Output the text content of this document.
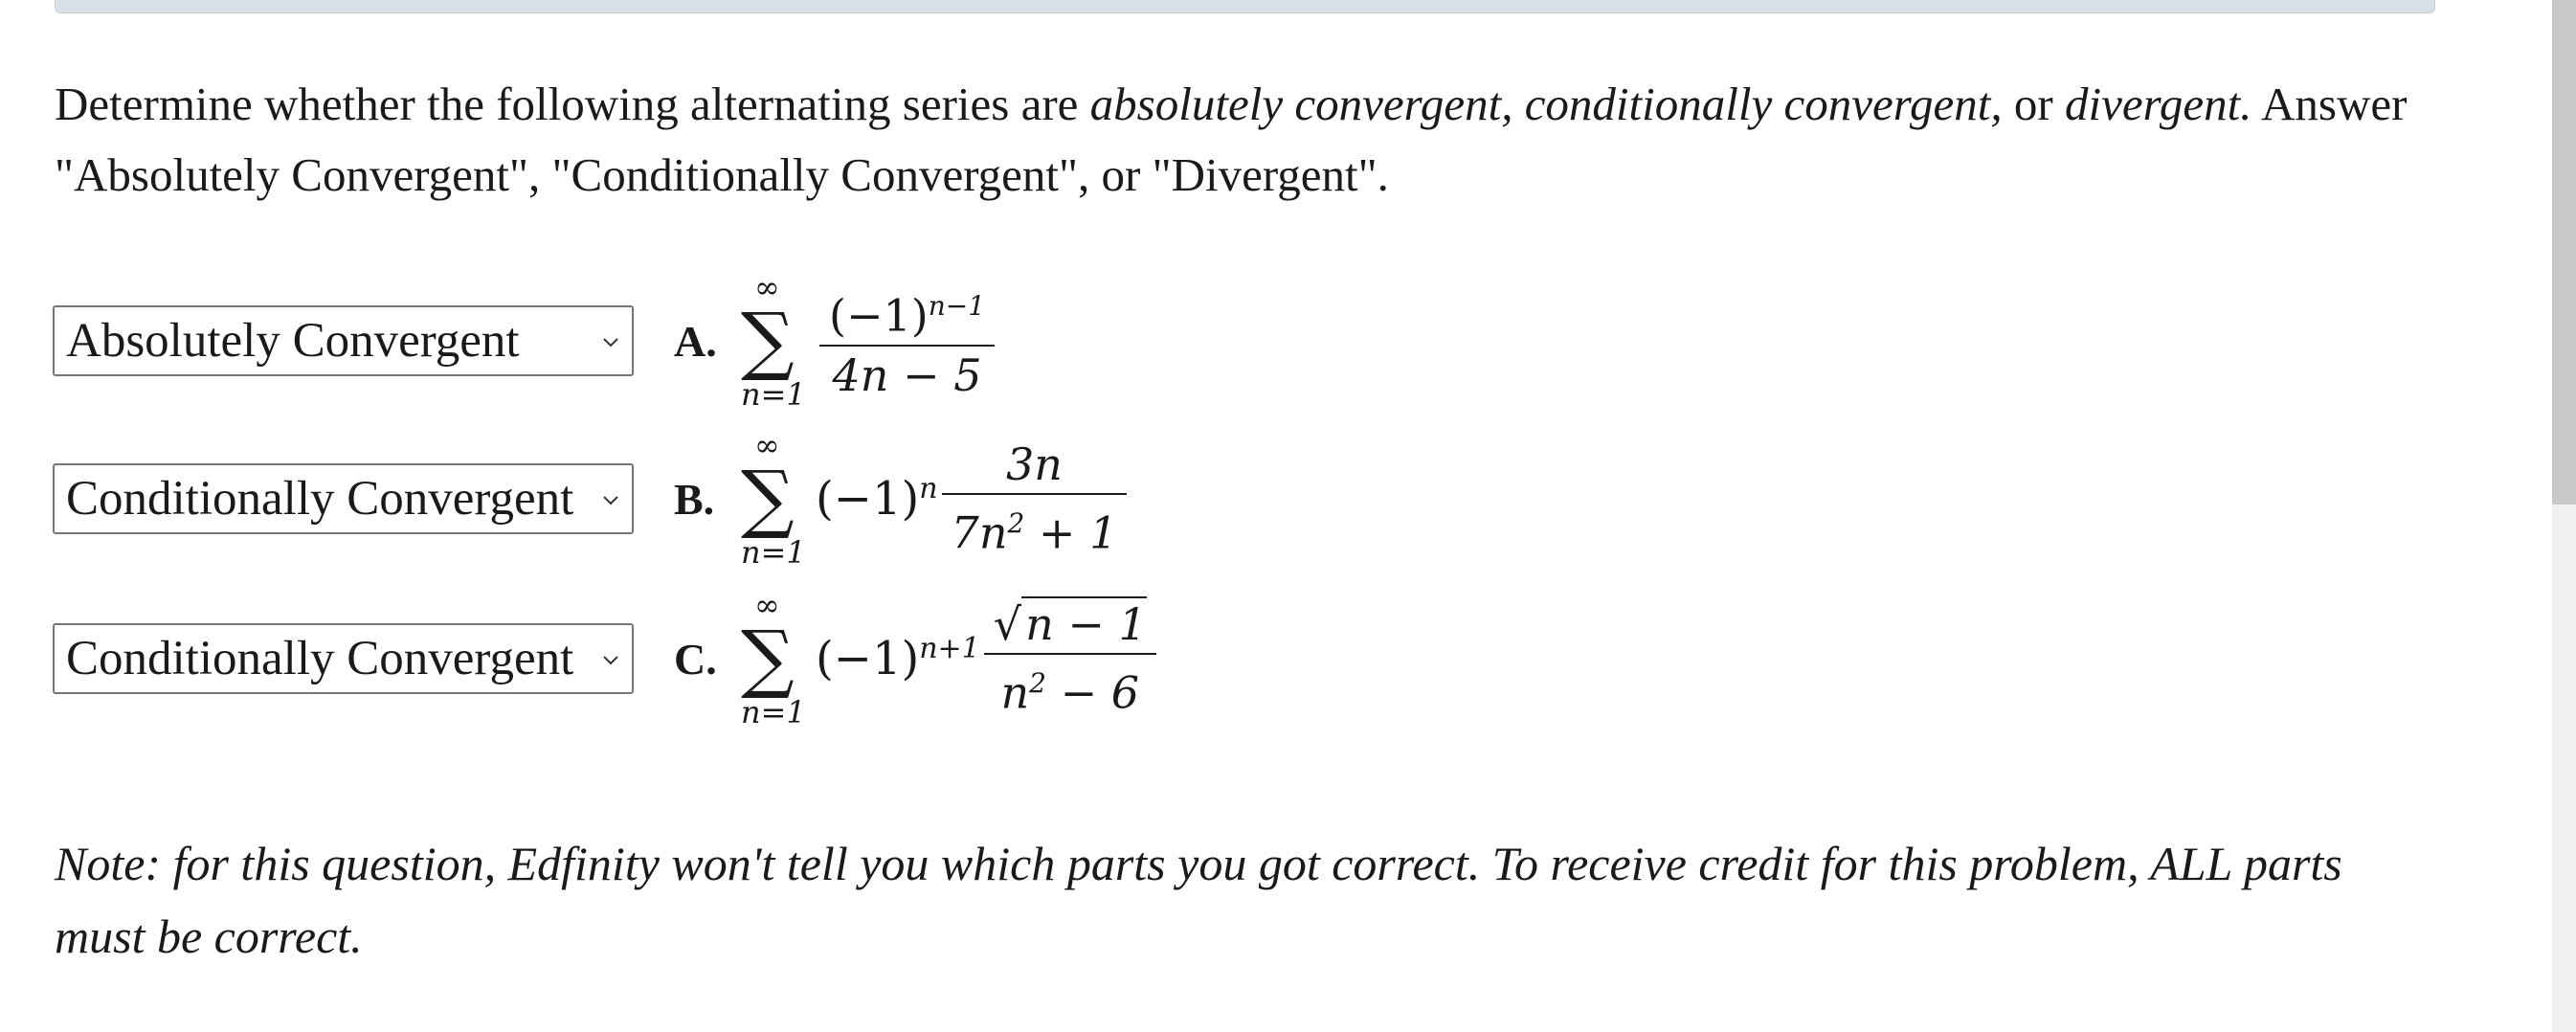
Determine whether the following alternating series are absolutely convergent, conditionally convergent, or divergent. Answer "Absolutely Convergent", "Conditionally Convergent", or "Divergent".
Absolutely Convergent	A.
∞
∑
$n=1 \frac{(-1)^{n-1}}{4n - 5}$
Conditionally Convergent B.
∞
∑
n=1
$(-1)^n \frac{3n}{7n^2 + 1}$
Conditionally Convergent C.
∞
∑
n=1
$(-1)^{n+1} \frac{√n - 1}{n^2 - 6}$
Note: for this question, Edfinity won't tell you which parts you got correct. To receive credit for this problem, ALL parts must be correct.
